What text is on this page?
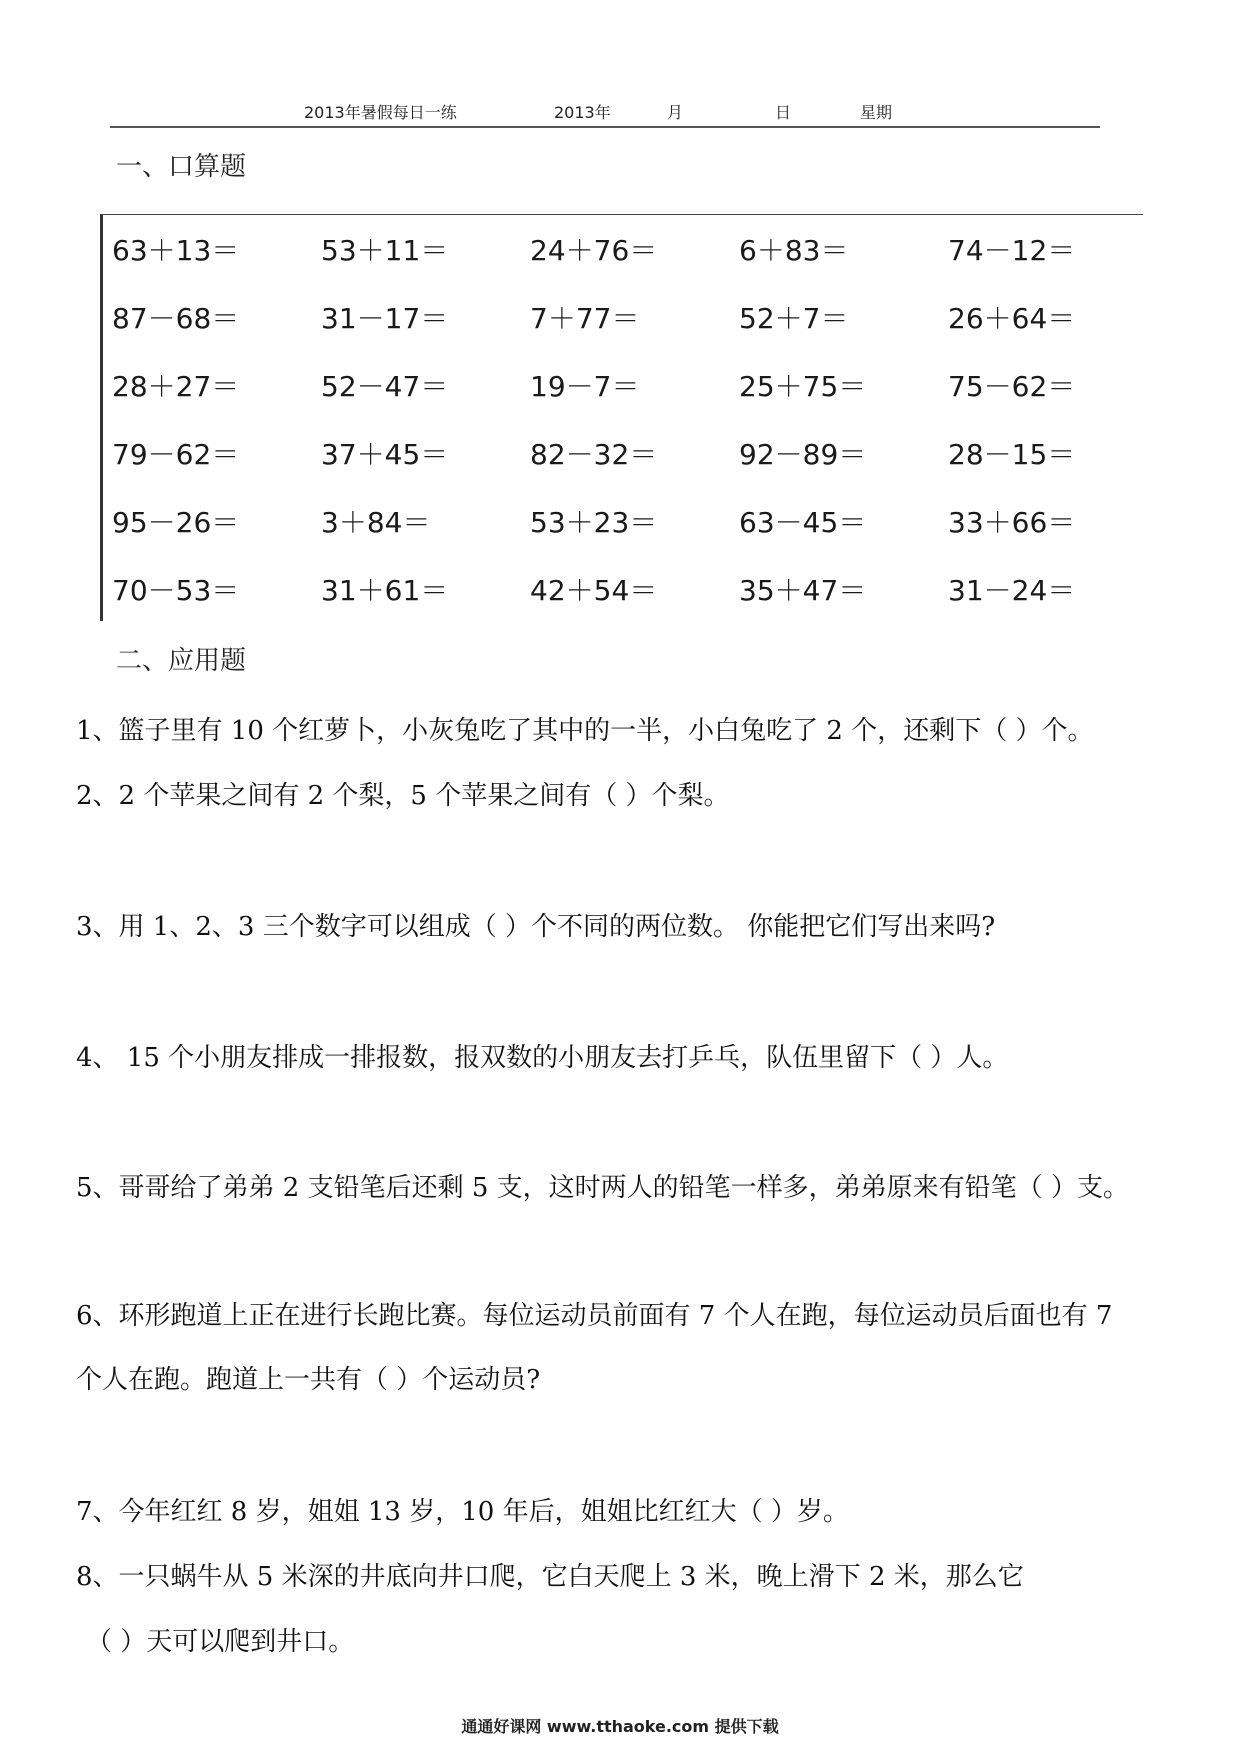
2013年暑假每日一练	2013年	月	日	星期
一、口算题
63＋13＝	53＋11＝	24＋76＝	6＋83＝	74－12＝
87－68＝	31－17＝	7＋77＝	52＋7＝	26＋64＝
28＋27＝	52－47＝	19－7＝	25＋75＝	75－62＝
79－62＝	37＋45＝	82－32＝	92－89＝	28－15＝
95－26＝	3＋84＝	53＋23＝	63－45＝	33＋66＝
70－53＝	31＋61＝	42＋54＝	35＋47＝	31－24＝
二、应用题
1、篮子里有 10 个红萝卜，小灰兔吃了其中的一半，小白兔吃了 2 个，还剩下（ ）个。
2、2 个苹果之间有 2 个梨，5 个苹果之间有（ ）个梨。
3、用 1、2、3 三个数字可以组成（ ）个不同的两位数。 你能把它们写出来吗?
4、 15 个小朋友排成一排报数，报双数的小朋友去打乒乓，队伍里留下（ ）人。
5、哥哥给了弟弟 2 支铅笔后还剩 5 支，这时两人的铅笔一样多，弟弟原来有铅笔（ ）支。
6、环形跑道上正在进行长跑比赛。每位运动员前面有 7 个人在跑，每位运动员后面也有 7
个人在跑。跑道上一共有（ ）个运动员?
7、今年红红 8 岁，姐姐 13 岁，10 年后，姐姐比红红大（ ）岁。
8、一只蜗牛从 5 米深的井底向井口爬，它白天爬上 3 米，晚上滑下 2 米，那么它
（ ）天可以爬到井口。
通通好课网 www.tthaoke.com 提供下载
